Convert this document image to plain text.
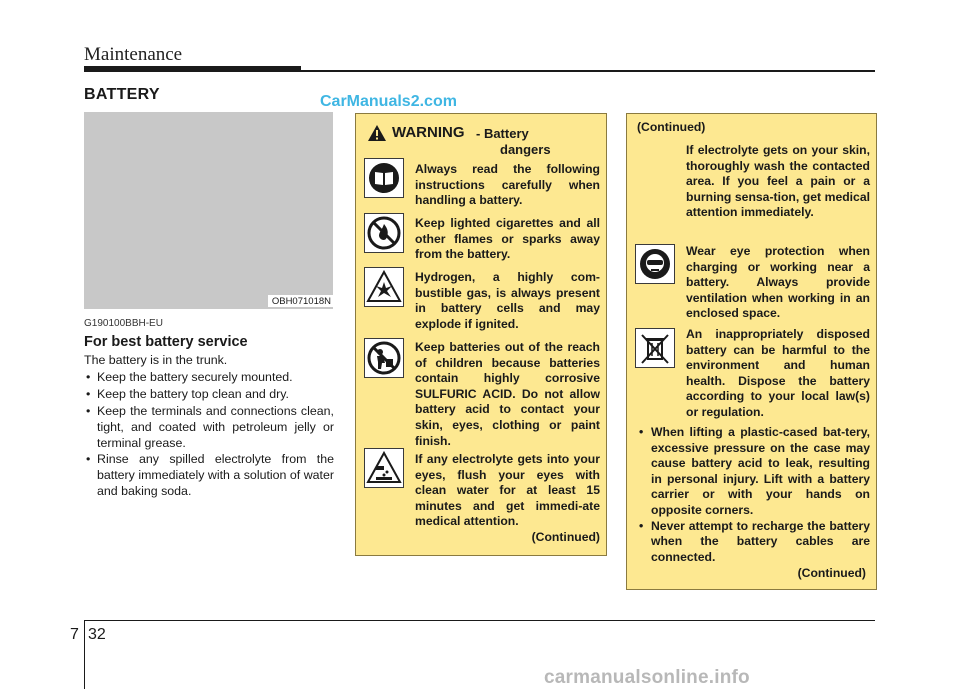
Maintenance
BATTERY	CarManuals2.com
OBH071018N
G190100BBH-EU
For best battery service

The battery is in the trunk.

• Keep the battery securely mounted.
• Keep the battery top clean and dry.
• Keep the terminals and connections clean, tight, and coated with petroleum jelly or terminal grease.
• Rinse any spilled electrolyte from the battery immediately with a solution of water and baking soda.
WARNING - Battery
dangers
Always read the following instructions carefully when handling a battery.
Keep lighted cigarettes and all other flames or sparks away from the battery.
Hydrogen, a highly com-bustible gas, is always present in battery cells and may explode if ignited.
Keep batteries out of the reach of children because batteries contain highly corrosive SULFURIC ACID. Do not allow battery acid to contact your skin, eyes, clothing or paint finish.
If any electrolyte gets into your eyes, flush your eyes with clean water for at least 15 minutes and get immedi-ate medical attention.
(Continued)
(Continued)
If electrolyte gets on your skin, thoroughly wash the contacted area. If you feel a pain or a burning sensa-tion, get medical attention immediately.
Wear eye protection when charging or working near a battery. Always provide ventilation when working in an enclosed space.
An inappropriately disposed battery can be harmful to the environment and human health. Dispose the battery according to your local law(s) or regulation.
• When lifting a plastic-cased bat-tery, excessive pressure on the case may cause battery acid to leak, resulting in personal injury. Lift with a battery carrier or with your hands on opposite corners.
• Never attempt to recharge the battery when the battery cables are connected.
(Continued)
7 32
carmanualsonline.info
